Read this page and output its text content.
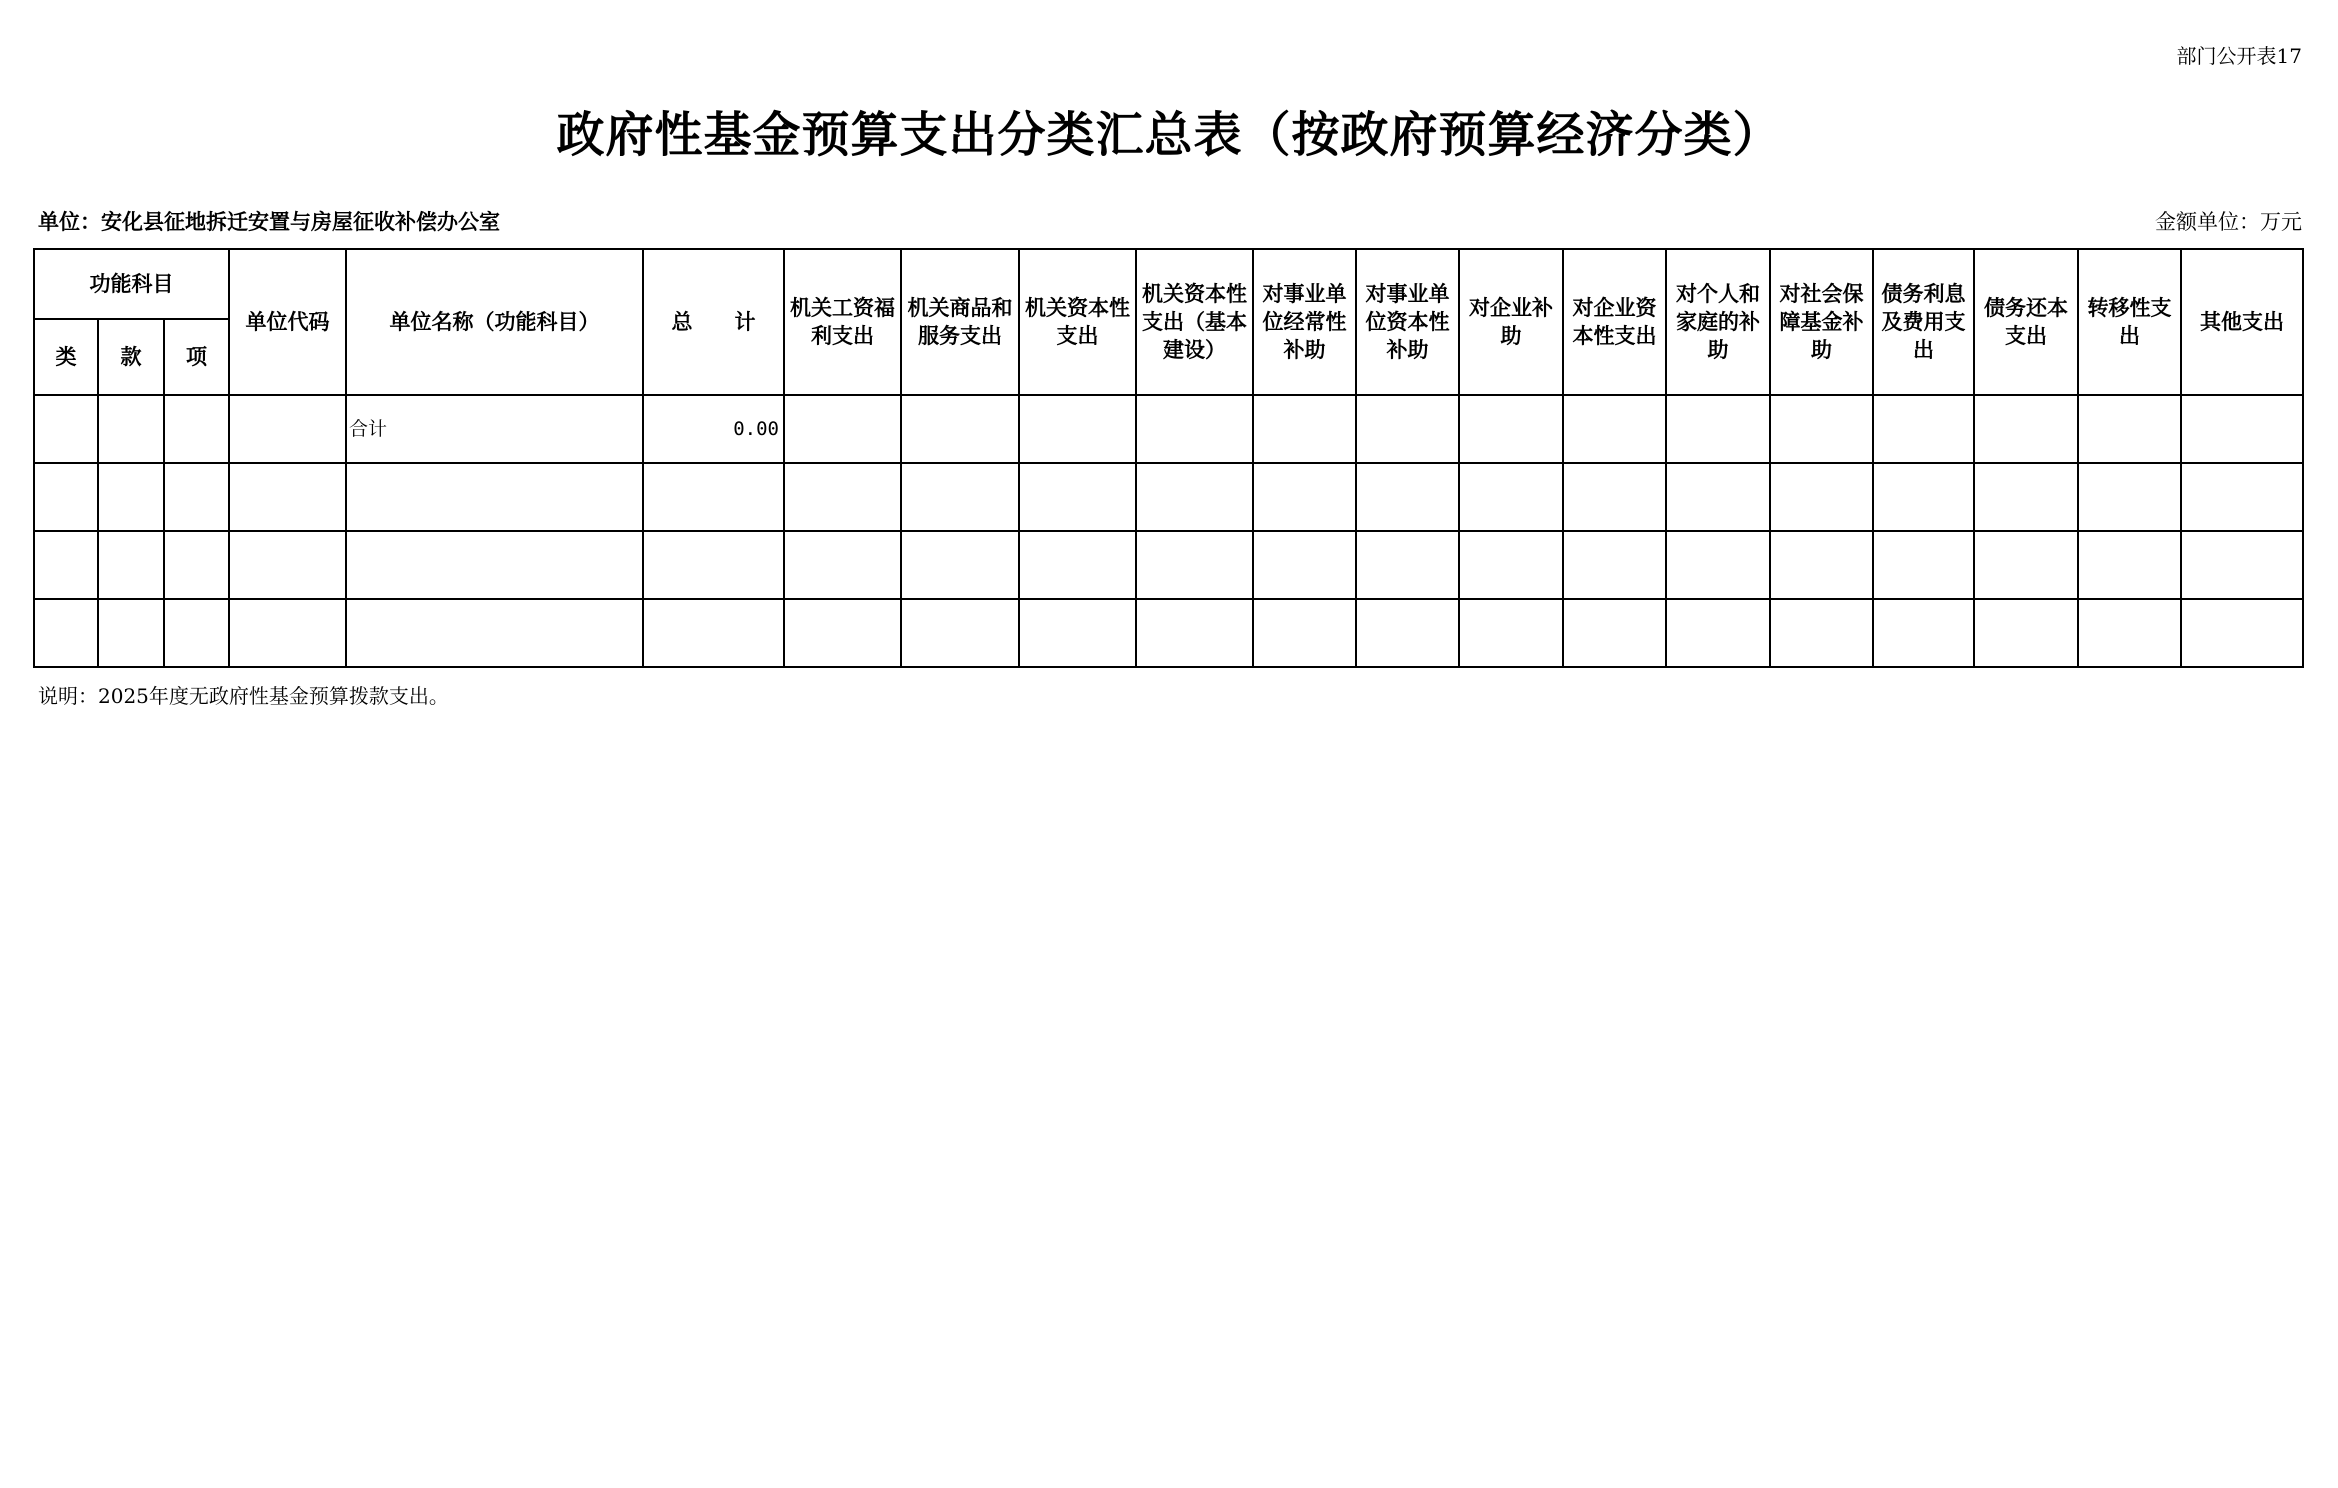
部门公开表17
政府性基金预算支出分类汇总表（按政府预算经济分类）
单位：安化县征地拆迁安置与房屋征收补偿办公室	金额单位：万元
功能科目			单位代码	单位名称（功能科目）	总　　计	机关工资福利支出	机关商品和服务支出	机关资本性支出	机关资本性支出（基本建设）	对事业单位经常性补助	对事业单位资本性补助	对企业补助	对企业资本性支出	对个人和家庭的补助	对社会保障基金补助	债务利息及费用支出	债务还本支出	转移性支出	其他支出
类	款	项																	
				合计	0.00														

说明：2025年度无政府性基金预算拨款支出。
